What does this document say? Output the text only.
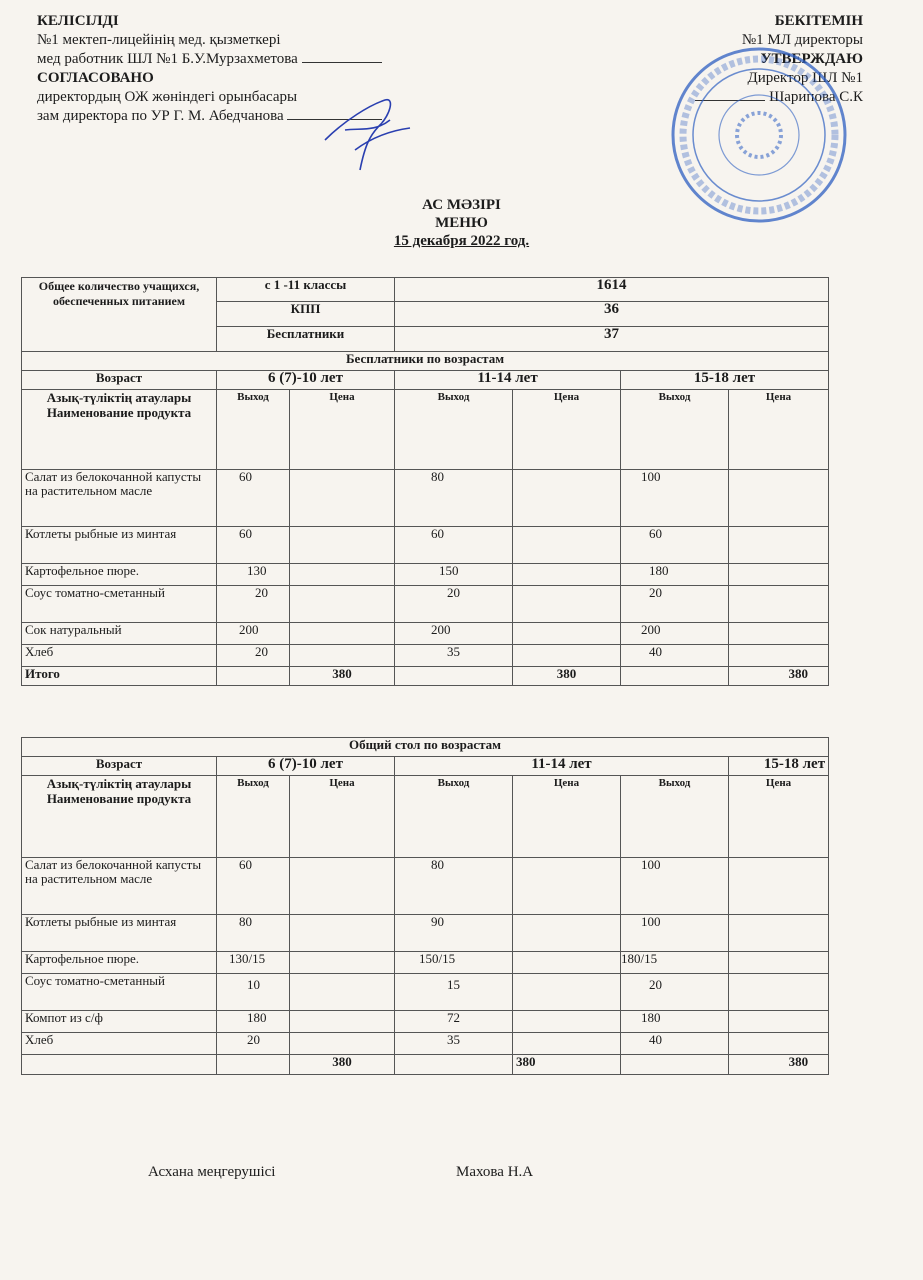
КЕЛІСІЛДІ
№1 мектеп-лицейінің мед. қызметкері
мед работник ШЛ №1 Б.У.Мурзахметова
СОГЛАСОВАНО
директордың ОЖ жөніндегі орынбасары
зам директора по УР Г. М. Абедчанова
БЕКІТЕМІН
№1 МЛ директоры
УТВЕРЖДАЮ
Директор ШЛ №1
Шарипова С.К
АС МӘЗІРІ
МЕНЮ
15 декабря 2022 год.
Общее количество учащихся, обеспеченных питанием	с 1 -11 классы		1614			
	КПП		36			
	Бесплатники		37			
Бесплатники по возрастам						
Возраст	6 (7)-10 лет		11-14 лет		15-18 лет	
Азық-түліктің атаулары Наименование продукта	Выход	Цена	Выход	Цена	Выход	Цена
Салат из белокочанной капусты на растительном масле	60		80		100	
Котлеты рыбные из минтая	60		60		60	
Картофельное пюре.	130		150		180	
Соус томатно-сметанный	20		20		20	
Сок натуральный	200		200		200	
Хлеб	20		35		40	
Итого		380		380		380
Общий стол по возрастам						
Возраст	6 (7)-10 лет		11-14 лет			15-18 лет
Азық-түліктің атаулары Наименование продукта	Выход	Цена	Выход	Цена	Выход	Цена
Салат из белокочанной капусты на растительном масле	60		80		100	
Котлеты рыбные из минтая	80		90		100	
Картофельное пюре.	130/15		150/15		180/15	
Соус томатно-сметанный	10		15		20	
Компот из с/ф	180		72		180	
Хлеб	20		35		40	
		380		380		380
Асхана меңгерушісі	Махова Н.А
